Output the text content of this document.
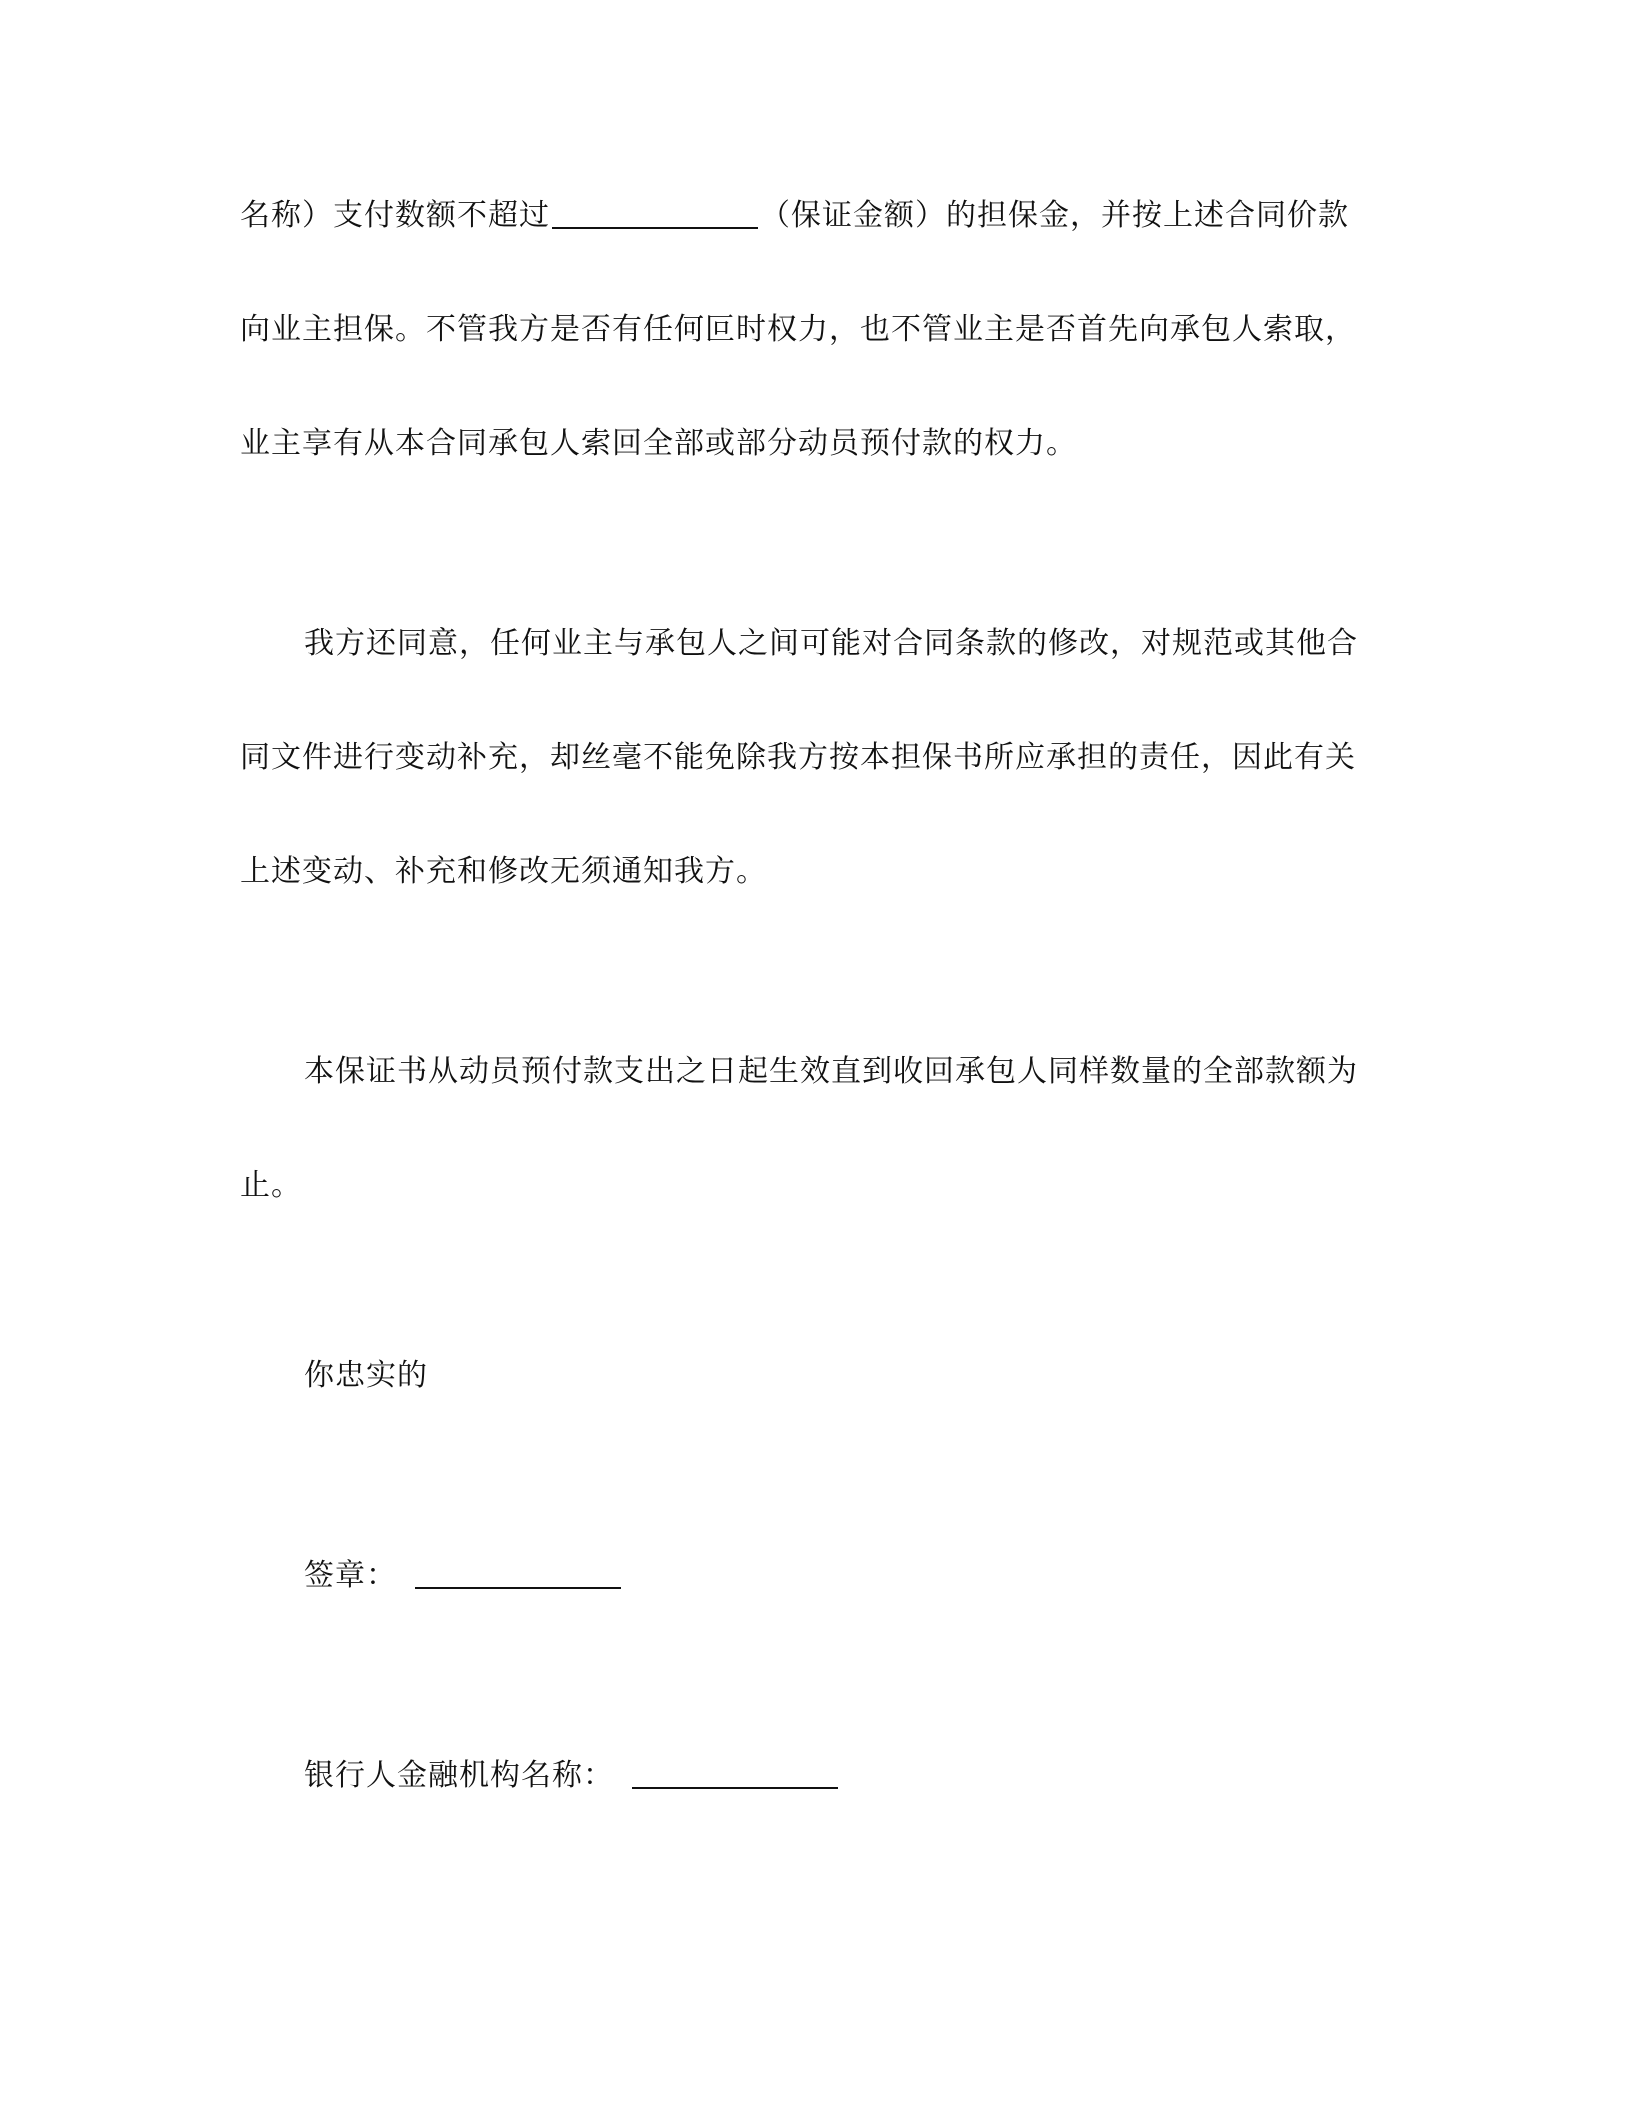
名称）支付数额不超过	（保证金额）的担保金，并按上述合同价款
向业主担保。不管我方是否有任何叵时权力，也不管业主是否首先向承包人索取，
业主享有从本合同承包人索回全部或部分动员预付款的权力。
我方还同意，任何业主与承包人之间可能对合同条款的修改，对规范或其他合
同文件进行变动补充，却丝毫不能免除我方按本担保书所应承担的责任，因此有关
上述变动、补充和修改无须通知我方。
本保证书从动员预付款支出之日起生效直到收回承包人同样数量的全部款额为
止。
你忠实的
签章：
银行人金融机构名称：
